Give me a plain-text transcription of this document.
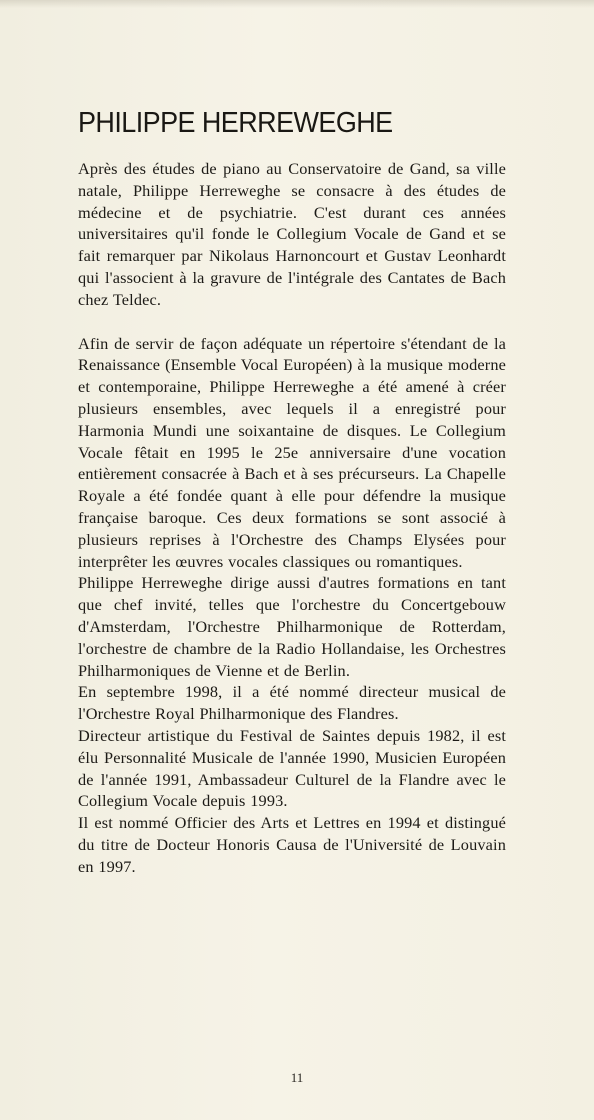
PHILIPPE HERREWEGHE

Après des études de piano au Conservatoire de Gand, sa ville natale, Philippe Herreweghe se consacre à des études de médecine et de psychiatrie. C'est durant ces années universitaires qu'il fonde le Collegium Vocale de Gand et se fait remarquer par Nikolaus Harnoncourt et Gustav Leonhardt qui l'associent à la gravure de l'intégrale des Cantates de Bach chez Teldec.

Afin de servir de façon adéquate un répertoire s'étendant de la Renaissance (Ensemble Vocal Européen) à la musique moderne et contemporaine, Philippe Herreweghe a été amené à créer plusieurs ensembles, avec lequels il a enregistré pour Harmonia Mundi une soixantaine de disques. Le Collegium Vocale fêtait en 1995 le 25e anniversaire d'une vocation entièrement consacrée à Bach et à ses précurseurs. La Chapelle Royale a été fondée quant à elle pour défendre la musique française baroque. Ces deux formations se sont associé à plusieurs reprises à l'Orchestre des Champs Elysées pour interprêter les œuvres vocales classiques ou romantiques.

Philippe Herreweghe dirige aussi d'autres formations en tant que chef invité, telles que l'orchestre du Concertgebouw d'Amsterdam, l'Orchestre Philharmonique de Rotterdam, l'orchestre de chambre de la Radio Hollandaise, les Orchestres Philharmoniques de Vienne et de Berlin.

En septembre 1998, il a été nommé directeur musical de l'Orchestre Royal Philharmonique des Flandres.

Directeur artistique du Festival de Saintes depuis 1982, il est élu Personnalité Musicale de l'année 1990, Musicien Européen de l'année 1991, Ambassadeur Culturel de la Flandre avec le Collegium Vocale depuis 1993.

Il est nommé Officier des Arts et Lettres en 1994 et distingué du titre de Docteur Honoris Causa de l'Université de Louvain en 1997.

11
